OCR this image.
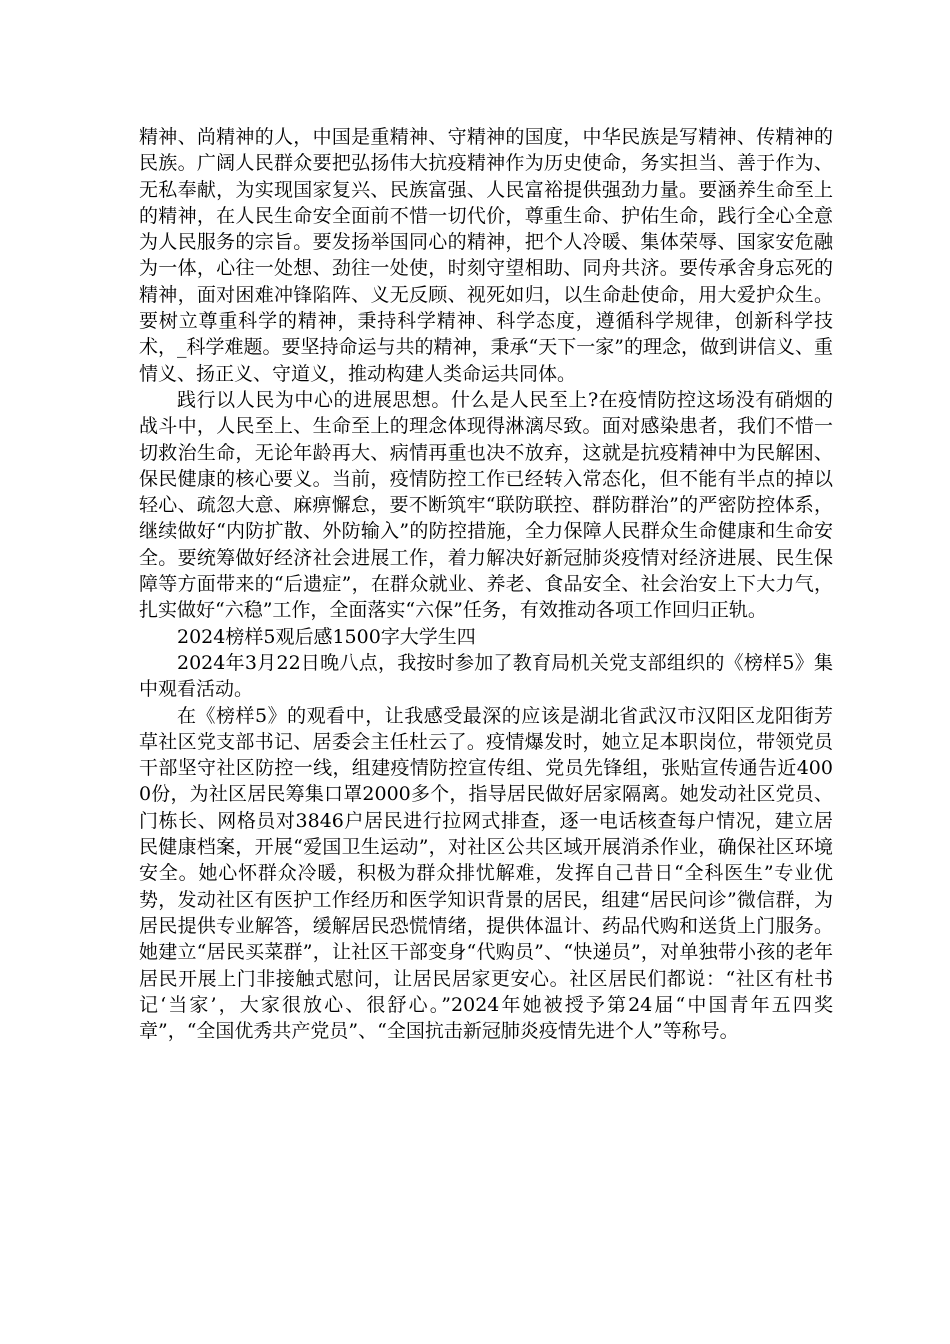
精神、尚精神的人，中国是重精神、守精神的国度，中华民族是写精神、传精神的民族。广阔人民群众要把弘扬伟大抗疫精神作为历史使命，务实担当、善于作为、无私奉献，为实现国家复兴、民族富强、人民富裕提供强劲力量。要涵养生命至上的精神，在人民生命安全面前不惜一切代价，尊重生命、护佑生命，践行全心全意为人民服务的宗旨。要发扬举国同心的精神，把个人冷暖、集体荣辱、国家安危融为一体，心往一处想、劲往一处使，时刻守望相助、同舟共济。要传承舍身忘死的精神，面对困难冲锋陷阵、义无反顾、视死如归，以生命赴使命，用大爱护众生。要树立尊重科学的精神，秉持科学精神、科学态度，遵循科学规律，创新科学技术，_科学难题。要坚持命运与共的精神，秉承“天下一家”的理念，做到讲信义、重情义、扬正义、守道义，推动构建人类命运共同体。

践行以人民为中心的进展思想。什么是人民至上?在疫情防控这场没有硝烟的战斗中，人民至上、生命至上的理念体现得淋漓尽致。面对感染患者，我们不惜一切救治生命，无论年龄再大、病情再重也决不放弃，这就是抗疫精神中为民解困、保民健康的核心要义。当前，疫情防控工作已经转入常态化，但不能有半点的掉以轻心、疏忽大意、麻痹懈怠，要不断筑牢“联防联控、群防群治”的严密防控体系，继续做好“内防扩散、外防输入”的防控措施，全力保障人民群众生命健康和生命安全。要统筹做好经济社会进展工作，着力解决好新冠肺炎疫情对经济进展、民生保障等方面带来的“后遗症”，在群众就业、养老、食品安全、社会治安上下大力气，扎实做好“六稳”工作，全面落实“六保”任务，有效推动各项工作回归正轨。

2024榜样5观后感1500字大学生四

2024年3月22日晚八点，我按时参加了教育局机关党支部组织的《榜样5》集中观看活动。

在《榜样5》的观看中，让我感受最深的应该是湖北省武汉市汉阳区龙阳街芳草社区党支部书记、居委会主任杜云了。疫情爆发时，她立足本职岗位，带领党员干部坚守社区防控一线，组建疫情防控宣传组、党员先锋组，张贴宣传通告近4000份，为社区居民筹集口罩2000多个，指导居民做好居家隔离。她发动社区党员、门栋长、网格员对3846户居民进行拉网式排查，逐一电话核查每户情况，建立居民健康档案，开展“爱国卫生运动”，对社区公共区域开展消杀作业，确保社区环境安全。她心怀群众冷暖，积极为群众排忧解难，发挥自己昔日“全科医生”专业优势，发动社区有医护工作经历和医学知识背景的居民，组建“居民问诊”微信群，为居民提供专业解答，缓解居民恐慌情绪，提供体温计、药品代购和送货上门服务。她建立“居民买菜群”，让社区干部变身“代购员”、“快递员”，对单独带小孩的老年居民开展上门非接触式慰问，让居民居家更安心。社区居民们都说：“社区有杜书记‘当家’，大家很放心、很舒心。”2024年她被授予第24届“中国青年五四奖章”，“全国优秀共产党员”、“全国抗击新冠肺炎疫情先进个人”等称号。
